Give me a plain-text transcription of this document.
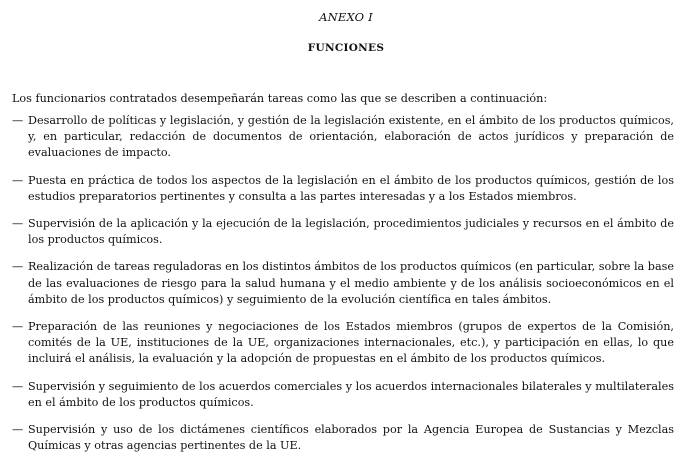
ANEXO I
FUNCIONES
Los funcionarios contratados desempeñarán tareas como las que se describen a continuación:
— Desarrollo de políticas y legislación, y gestión de la legislación existente, en el ámbito de los productos químicos, y, en particular, redacción de documentos de orientación, elaboración de actos jurídicos y preparación de evaluaciones de impacto.
— Puesta en práctica de todos los aspectos de la legislación en el ámbito de los productos químicos, gestión de los estudios preparatorios pertinentes y consulta a las partes interesadas y a los Estados miembros.
— Supervisión de la aplicación y la ejecución de la legislación, procedimientos judiciales y recursos en el ámbito de los productos químicos.
— Realización de tareas reguladoras en los distintos ámbitos de los productos químicos (en particular, sobre la base de las evaluaciones de riesgo para la salud humana y el medio ambiente y de los análisis socioeconómicos en el ámbito de los productos químicos) y seguimiento de la evolución científica en tales ámbitos.
— Preparación de las reuniones y negociaciones de los Estados miembros (grupos de expertos de la Comisión, comités de la UE, instituciones de la UE, organizaciones internacionales, etc.), y participación en ellas, lo que incluirá el análisis, la evaluación y la adopción de propuestas en el ámbito de los productos químicos.
— Supervisión y seguimiento de los acuerdos comerciales y los acuerdos internacionales bilaterales y multilaterales en el ámbito de los productos químicos.
— Supervisión y uso de los dictámenes científicos elaborados por la Agencia Europea de Sustancias y Mezclas Químicas y otras agencias pertinentes de la UE.
